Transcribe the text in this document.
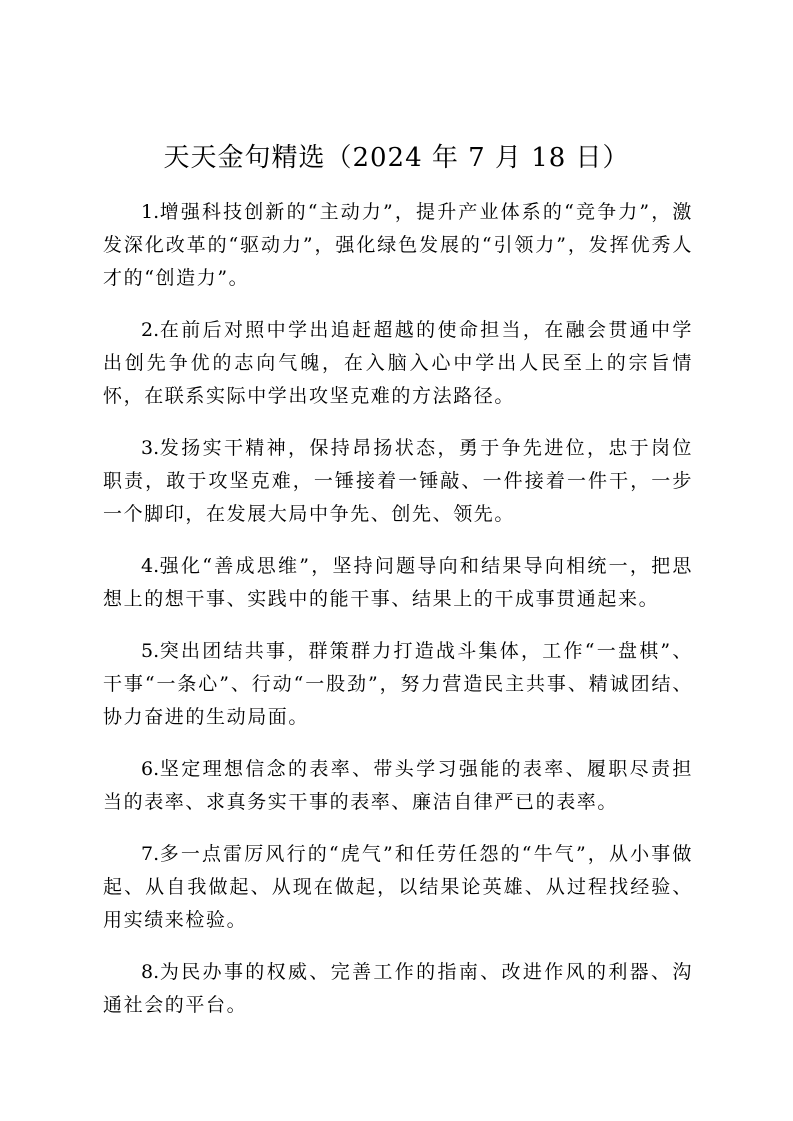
天天金句精选（2024 年 7 月 18 日）

1.增强科技创新的“主动力”，提升产业体系的“竞争力”，激发深化改革的“驱动力”，强化绿色发展的“引领力”，发挥优秀人才的“创造力”。

2.在前后对照中学出追赶超越的使命担当，在融会贯通中学出创先争优的志向气魄，在入脑入心中学出人民至上的宗旨情怀，在联系实际中学出攻坚克难的方法路径。

3.发扬实干精神，保持昂扬状态，勇于争先进位，忠于岗位职责，敢于攻坚克难，一锤接着一锤敲、一件接着一件干，一步一个脚印，在发展大局中争先、创先、领先。

4.强化“善成思维”，坚持问题导向和结果导向相统一，把思想上的想干事、实践中的能干事、结果上的干成事贯通起来。

5.突出团结共事，群策群力打造战斗集体，工作“一盘棋”、干事“一条心”、行动“一股劲”，努力营造民主共事、精诚团结、协力奋进的生动局面。

6.坚定理想信念的表率、带头学习强能的表率、履职尽责担当的表率、求真务实干事的表率、廉洁自律严已的表率。

7.多一点雷厉风行的“虎气”和任劳任怨的“牛气”，从小事做起、从自我做起、从现在做起，以结果论英雄、从过程找经验、用实绩来检验。

8.为民办事的权威、完善工作的指南、改进作风的利器、沟通社会的平台。
